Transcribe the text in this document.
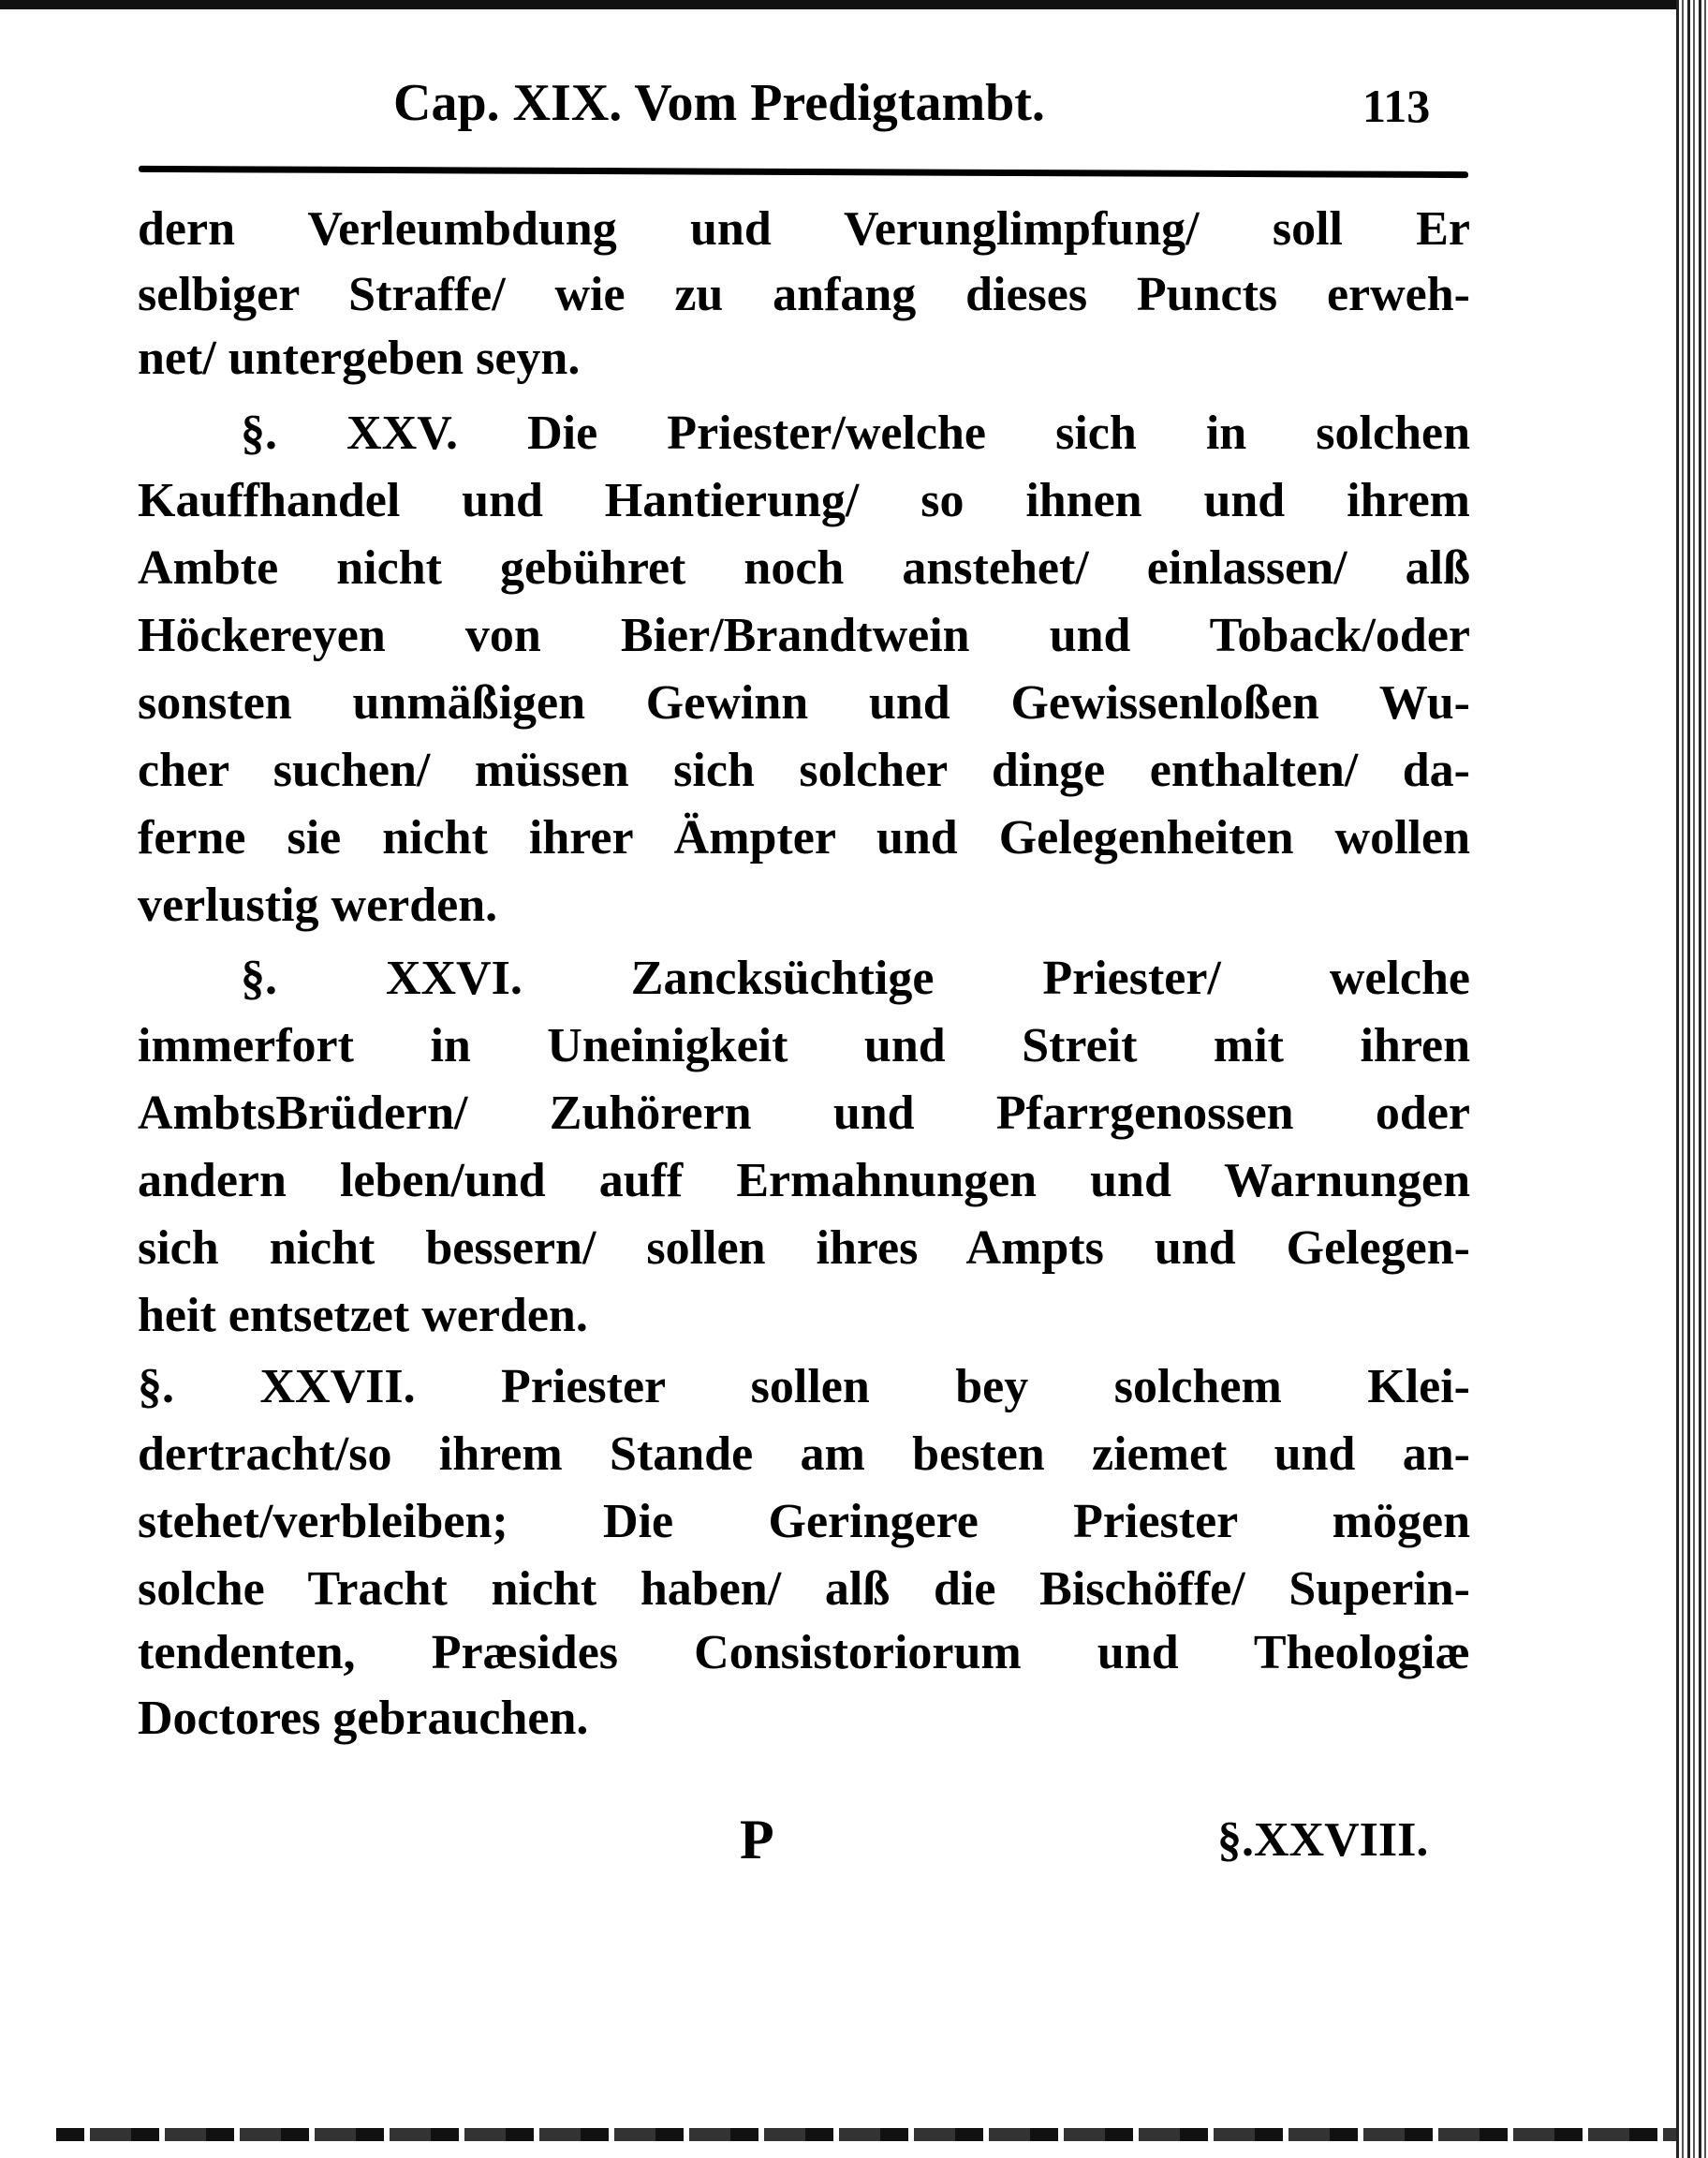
Cap. XIX. Vom Predigtambt.	113
dern Verleumbdung und Verunglimpfung/ soll Er
selbiger Straffe/ wie zu anfang dieses Puncts erweh-
net/ untergeben seyn.
§. XXV. Die Priester/welche sich in solchen
Kauffhandel und Hantierung/ so ihnen und ihrem
Ambte nicht gebühret noch anstehet/ einlassen/ alß
Höckereyen von Bier/Brandtwein und Toback/oder
sonsten unmäßigen Gewinn und Gewissenloßen Wu-
cher suchen/ müssen sich solcher dinge enthalten/ da-
ferne sie nicht ihrer Ämpter und Gelegenheiten wollen
verlustig werden.
§. XXVI. Zancksüchtige Priester/ welche
immerfort in Uneinigkeit und Streit mit ihren
AmbtsBrüdern/ Zuhörern und Pfarrgenossen oder
andern leben/und auff Ermahnungen und Warnungen
sich nicht bessern/ sollen ihres Ampts und Gelegen-
heit entsetzet werden.
§. XXVII. Priester sollen bey solchem Klei-
dertracht/so ihrem Stande am besten ziemet und an-
stehet/verbleiben; Die Geringere Priester mögen
solche Tracht nicht haben/ alß die Bischöffe/ Superin-
tendenten, Præsides Consistoriorum und Theologiæ
Doctores gebrauchen.
P	§.XXVIII.
